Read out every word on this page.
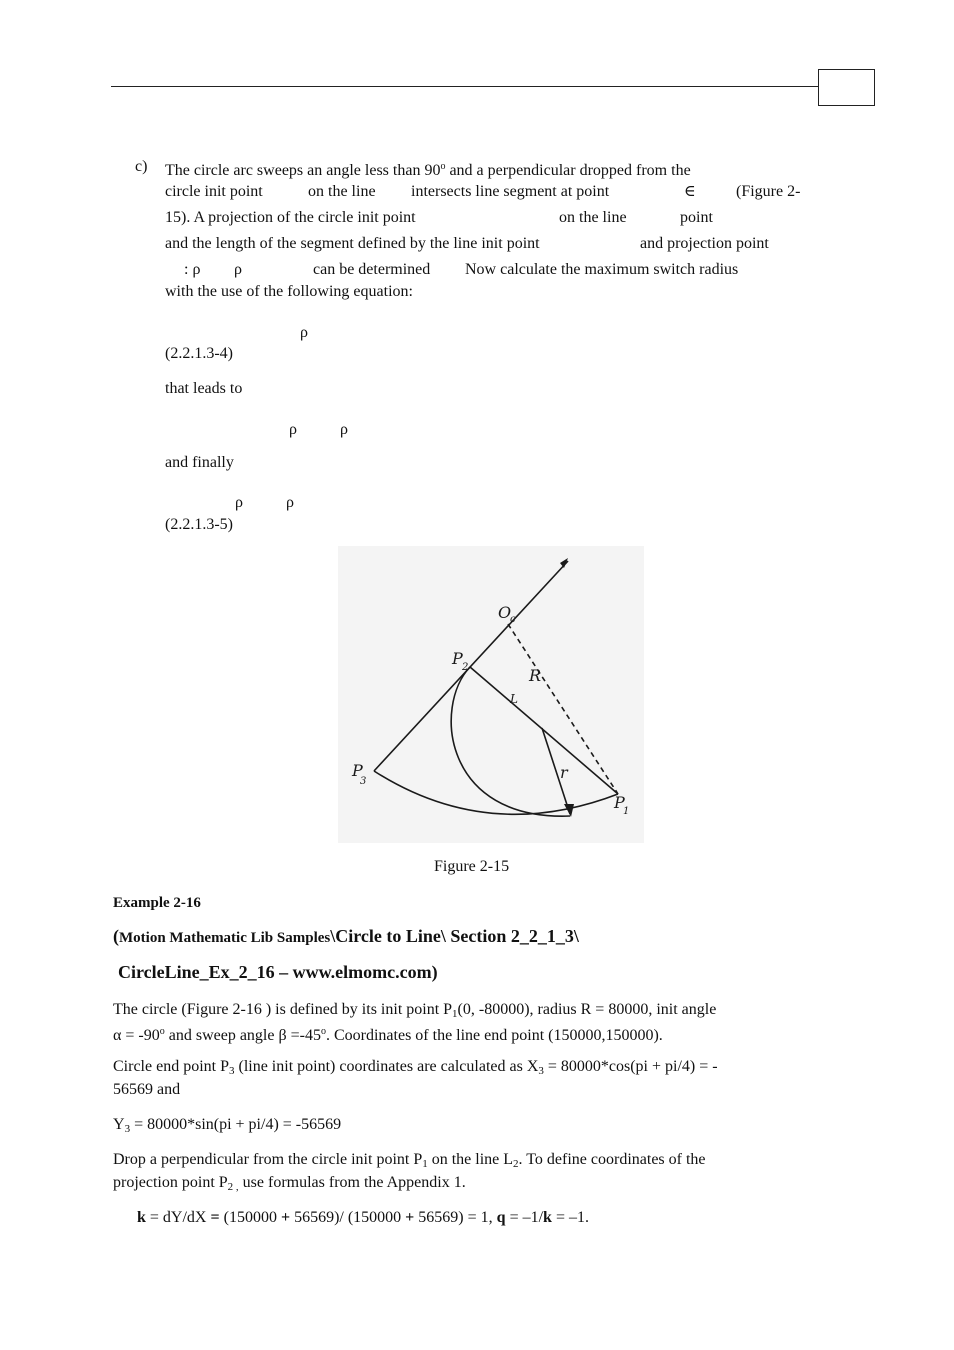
c) The circle arc sweeps an angle less than 90$^o$ and a perpendicular dropped from the
circle init point	on the line intersects line segment at point	∈	(Figure 2-
15). A projection of the circle init point	on the line	point
and the length of the segment defined by the line init point	and projection point
: ρ ρ	can be determined Now calculate the maximum switch radius
with the use of the following equation:
ρ
(2.2.1.3-4)
that leads to
ρ	ρ
and finally
ρ	ρ
(2.2.1.3-5)
O
c
P 2	R
L
r
P
3
P
1
Figure 2-15
Example 2-16
(Motion Mathematic Lib Samples\Circle to Line\ Section 2_2_1_3\
CircleLine_Ex_2_16 – www.elmomc.com)
The circle (Figure 2-16 ) is defined by its init point $P_1(0$, -80000), radius R = 80000, init angle
$\alpha = -90^o$ and sweep angle $\beta =-45^o$. Coordinates of the line end point (150000,150000).
Circle end point $P_3$ (line init point) coordinates are calculated as $X_3 = 80000*\cos(pi + pi/4)$ = -
56569 and
$Y_3 = 80000*\sin(pi + pi/4) = -56569$
Drop a perpendicular from the circle init point $P_1$ on the line $L_2$. To define coordinates of the
projection point $P_{2 ,}$ use formulas from the Appendix 1.
k = dY/dX = (150000 + 56569)/ (150000 + 56569) = 1, q = –1/k = –1.
